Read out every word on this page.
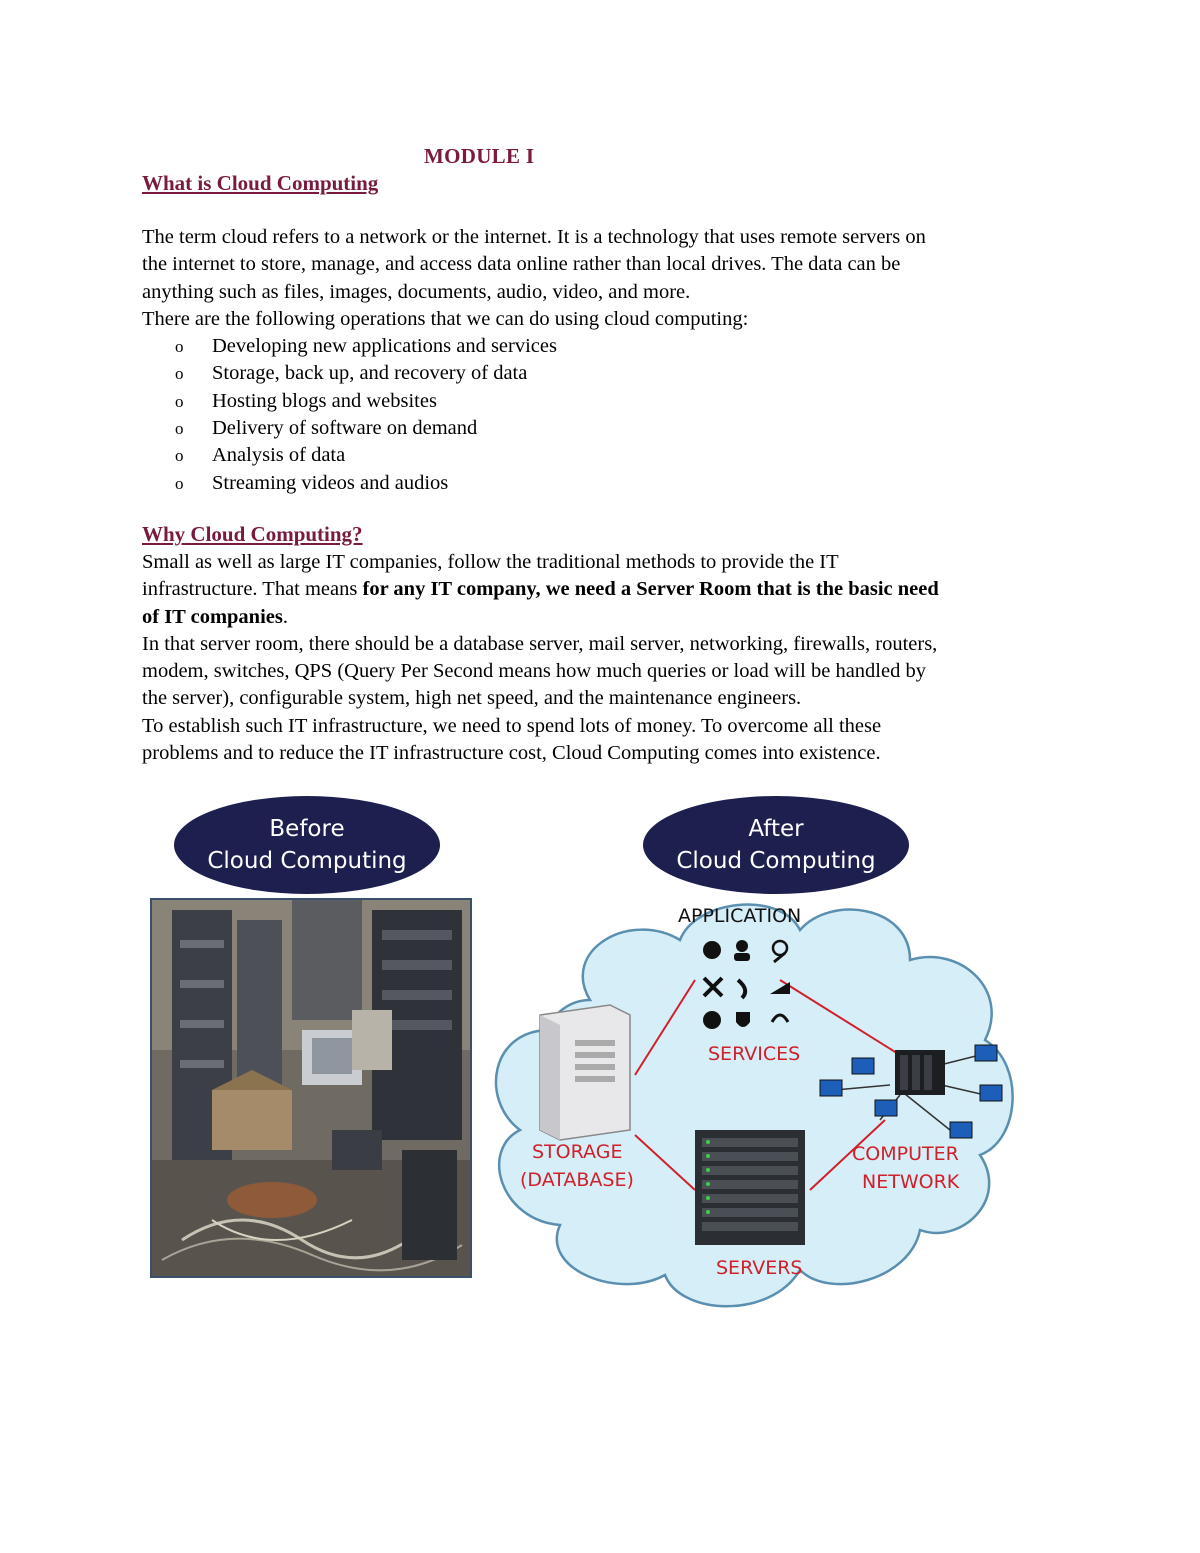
MODULE I
What is Cloud Computing

The term cloud refers to a network or the internet. It is a technology that uses remote servers on

the internet to store, manage, and access data online rather than local drives. The data can be

anything such as files, images, documents, audio, video, and more.

There are the following operations that we can do using cloud computing:

o Developing new applications and services
o Storage, back up, and recovery of data
o Hosting blogs and websites
o Delivery of software on demand
o Analysis of data
o Streaming videos and audios
Why Cloud Computing?

Small as well as large IT companies, follow the traditional methods to provide the IT

infrastructure. That means for any IT company, we need a Server Room that is the basic need

of IT companies.

In that server room, there should be a database server, mail server, networking, firewalls, routers,

modem, switches, QPS (Query Per Second means how much queries or load will be handled by

the server), configurable system, high net speed, and the maintenance engineers.

To establish such IT infrastructure, we need to spend lots of money. To overcome all these

problems and to reduce the IT infrastructure cost, Cloud Computing comes into existence.

Before
Cloud Computing
After
Cloud Computing
APPLICATION
SERVICES
STORAGE
(DATABASE)
COMPUTER
NETWORK
SERVERS
